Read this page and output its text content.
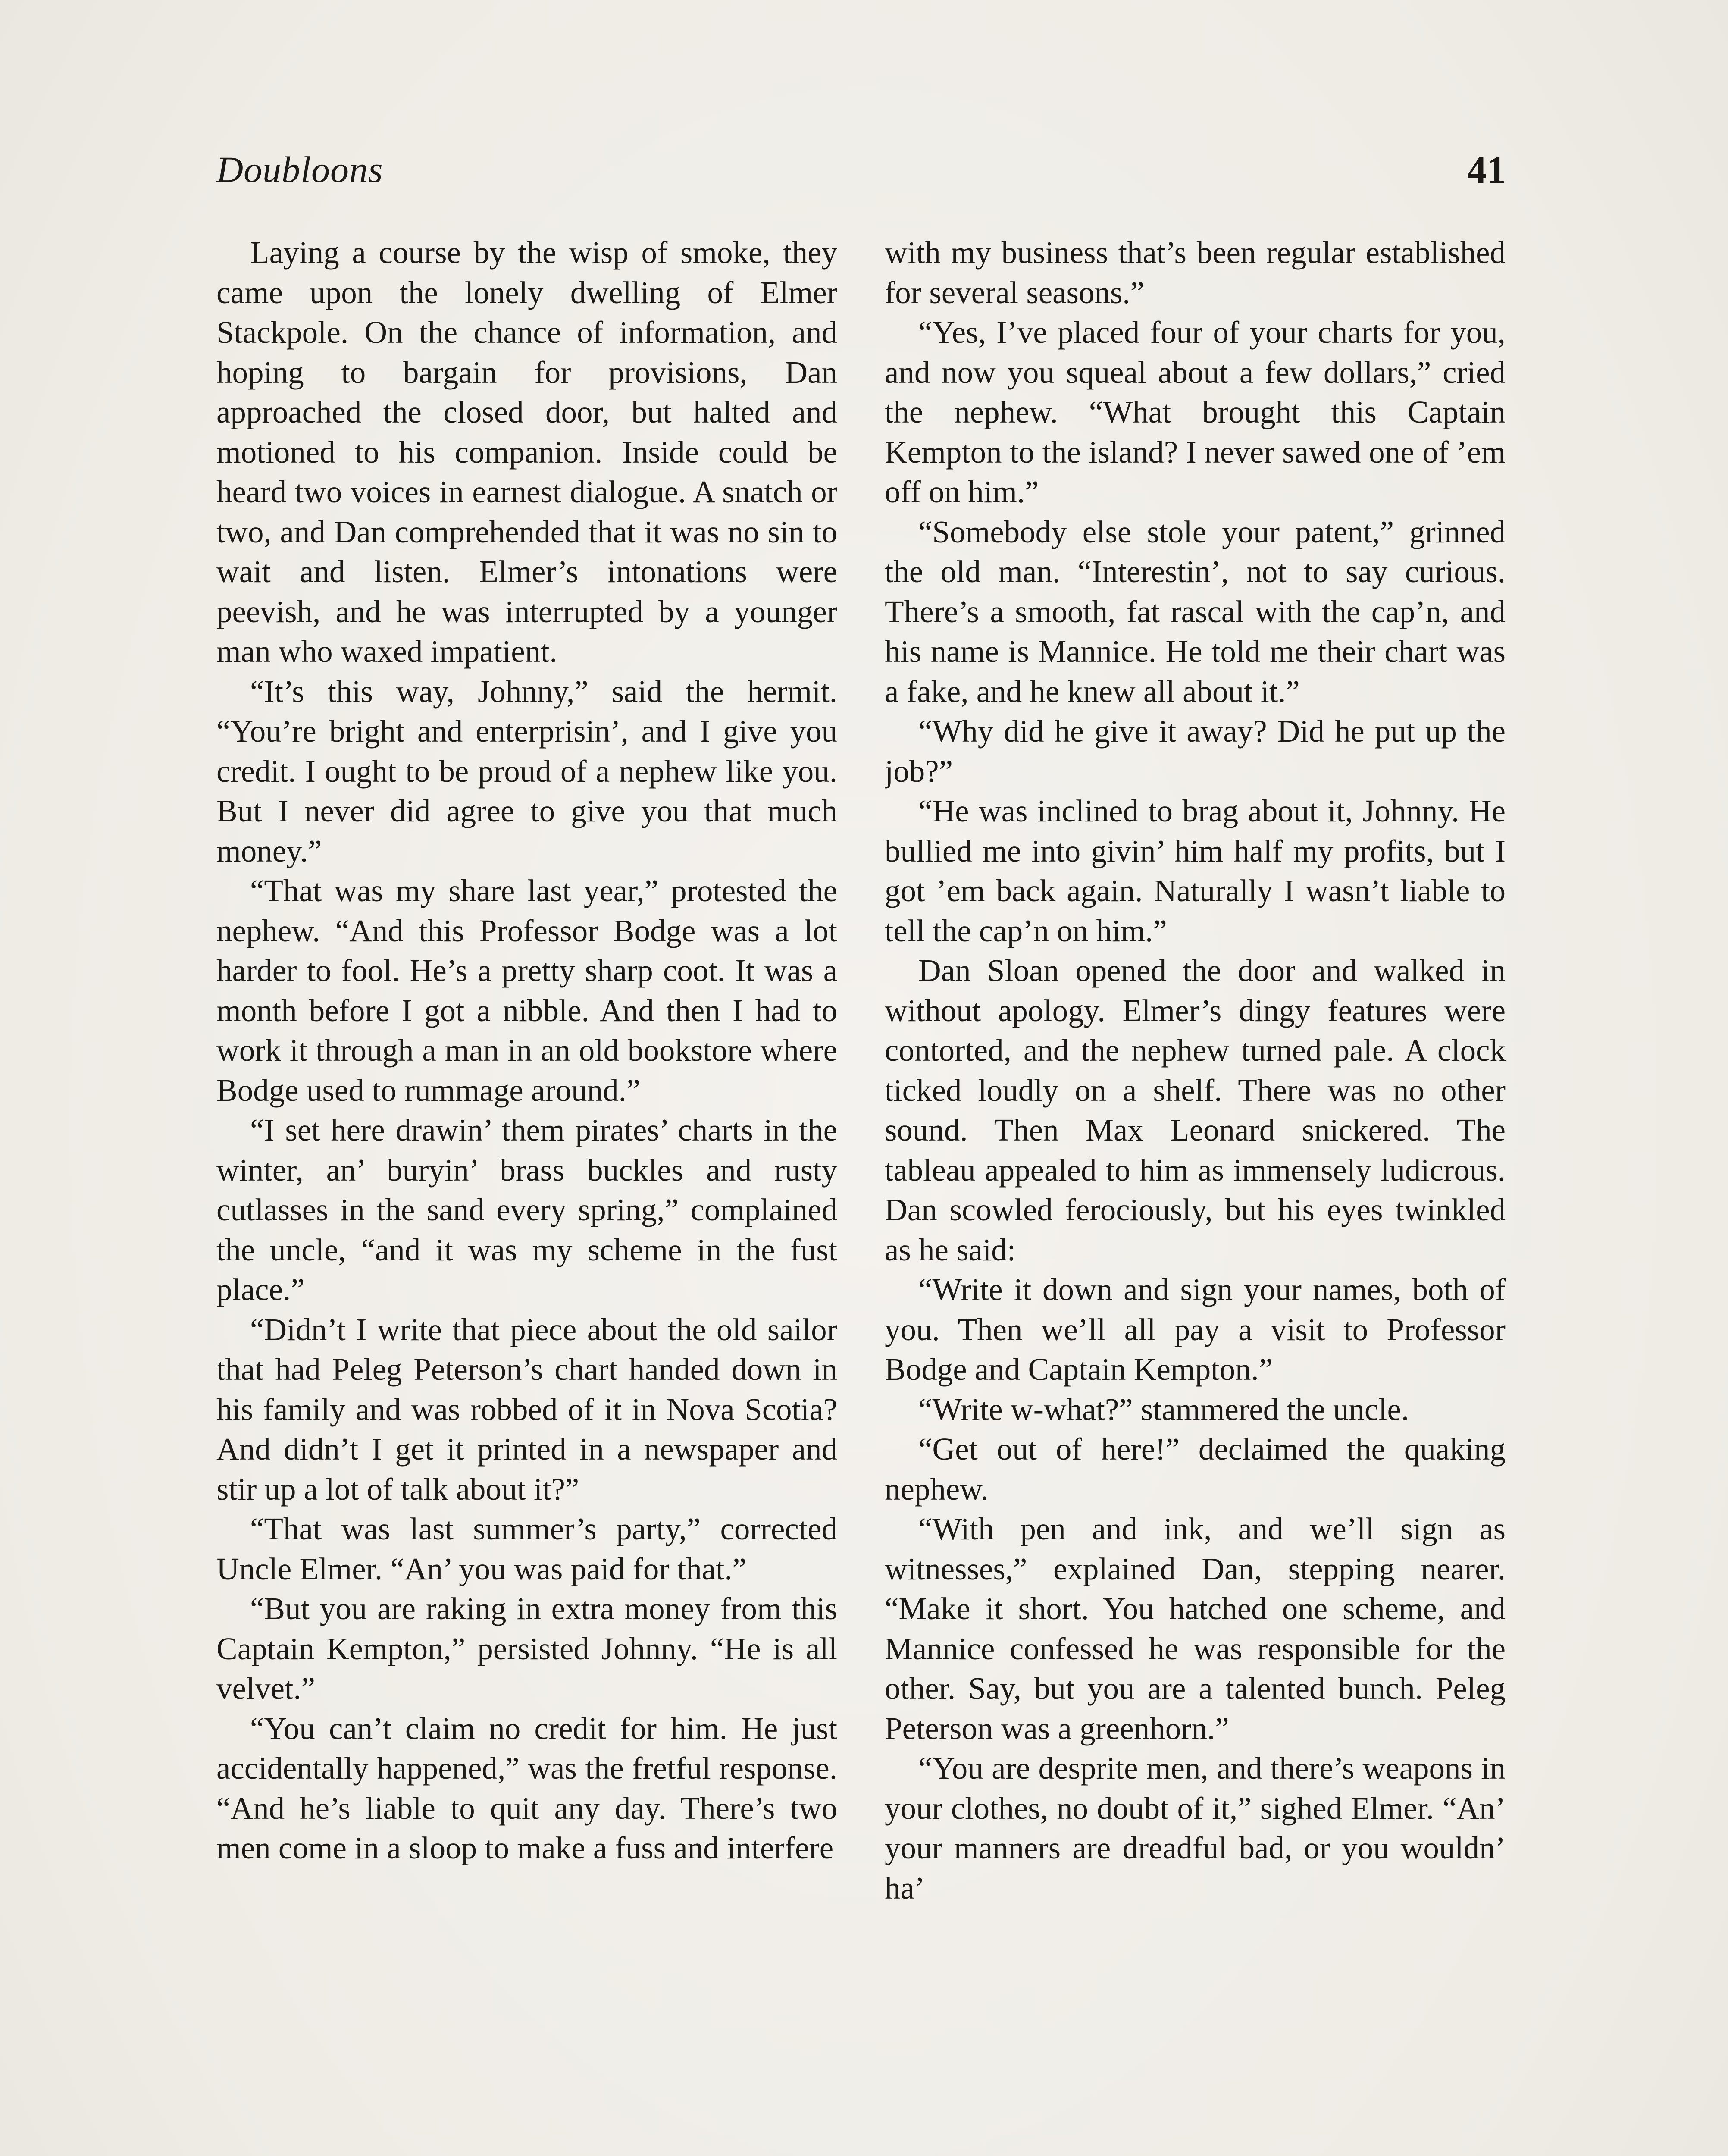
Doubloons	41

Laying a course by the wisp of smoke, they came upon the lonely dwelling of Elmer Stackpole. On the chance of information, and hoping to bargain for provisions, Dan approached the closed door, but halted and motioned to his companion. Inside could be heard two voices in earnest dialogue. A snatch or two, and Dan comprehended that it was no sin to wait and listen. Elmer’s intonations were peevish, and he was interrupted by a younger man who waxed impatient.

“It’s this way, Johnny,” said the hermit. “You’re bright and enterprisin’, and I give you credit. I ought to be proud of a nephew like you. But I never did agree to give you that much money.”

“That was my share last year,” protested the nephew. “And this Professor Bodge was a lot harder to fool. He’s a pretty sharp coot. It was a month before I got a nibble. And then I had to work it through a man in an old bookstore where Bodge used to rummage around.”

“I set here drawin’ them pirates’ charts in the winter, an’ buryin’ brass buckles and rusty cutlasses in the sand every spring,” complained the uncle, “and it was my scheme in the fust place.”

“Didn’t I write that piece about the old sailor that had Peleg Peterson’s chart handed down in his family and was robbed of it in Nova Scotia? And didn’t I get it printed in a newspaper and stir up a lot of talk about it?”

“That was last summer’s party,” corrected Uncle Elmer. “An’ you was paid for that.”

“But you are raking in extra money from this Captain Kempton,” persisted Johnny. “He is all velvet.”

“You can’t claim no credit for him. He just accidentally happened,” was the fretful response. “And he’s liable to quit any day. There’s two men come in a sloop to make a fuss and interfere

with my business that’s been regular established for several seasons.”

“Yes, I’ve placed four of your charts for you, and now you squeal about a few dollars,” cried the nephew. “What brought this Captain Kempton to the island? I never sawed one of ’em off on him.”

“Somebody else stole your patent,” grinned the old man. “Interestin’, not to say curious. There’s a smooth, fat rascal with the cap’n, and his name is Mannice. He told me their chart was a fake, and he knew all about it.”

“Why did he give it away? Did he put up the job?”

“He was inclined to brag about it, Johnny. He bullied me into givin’ him half my profits, but I got ’em back again. Naturally I wasn’t liable to tell the cap’n on him.”

Dan Sloan opened the door and walked in without apology. Elmer’s dingy features were contorted, and the nephew turned pale. A clock ticked loudly on a shelf. There was no other sound. Then Max Leonard snickered. The tableau appealed to him as immensely ludicrous. Dan scowled ferociously, but his eyes twinkled as he said:

“Write it down and sign your names, both of you. Then we’ll all pay a visit to Professor Bodge and Captain Kempton.”

“Write w-what?” stammered the uncle.

“Get out of here!” declaimed the quaking nephew.

“With pen and ink, and we’ll sign as witnesses,” explained Dan, stepping nearer. “Make it short. You hatched one scheme, and Mannice confessed he was responsible for the other. Say, but you are a talented bunch. Peleg Peterson was a greenhorn.”

“You are desprite men, and there’s weapons in your clothes, no doubt of it,” sighed Elmer. “An’ your manners are dreadful bad, or you wouldn’ ha’
